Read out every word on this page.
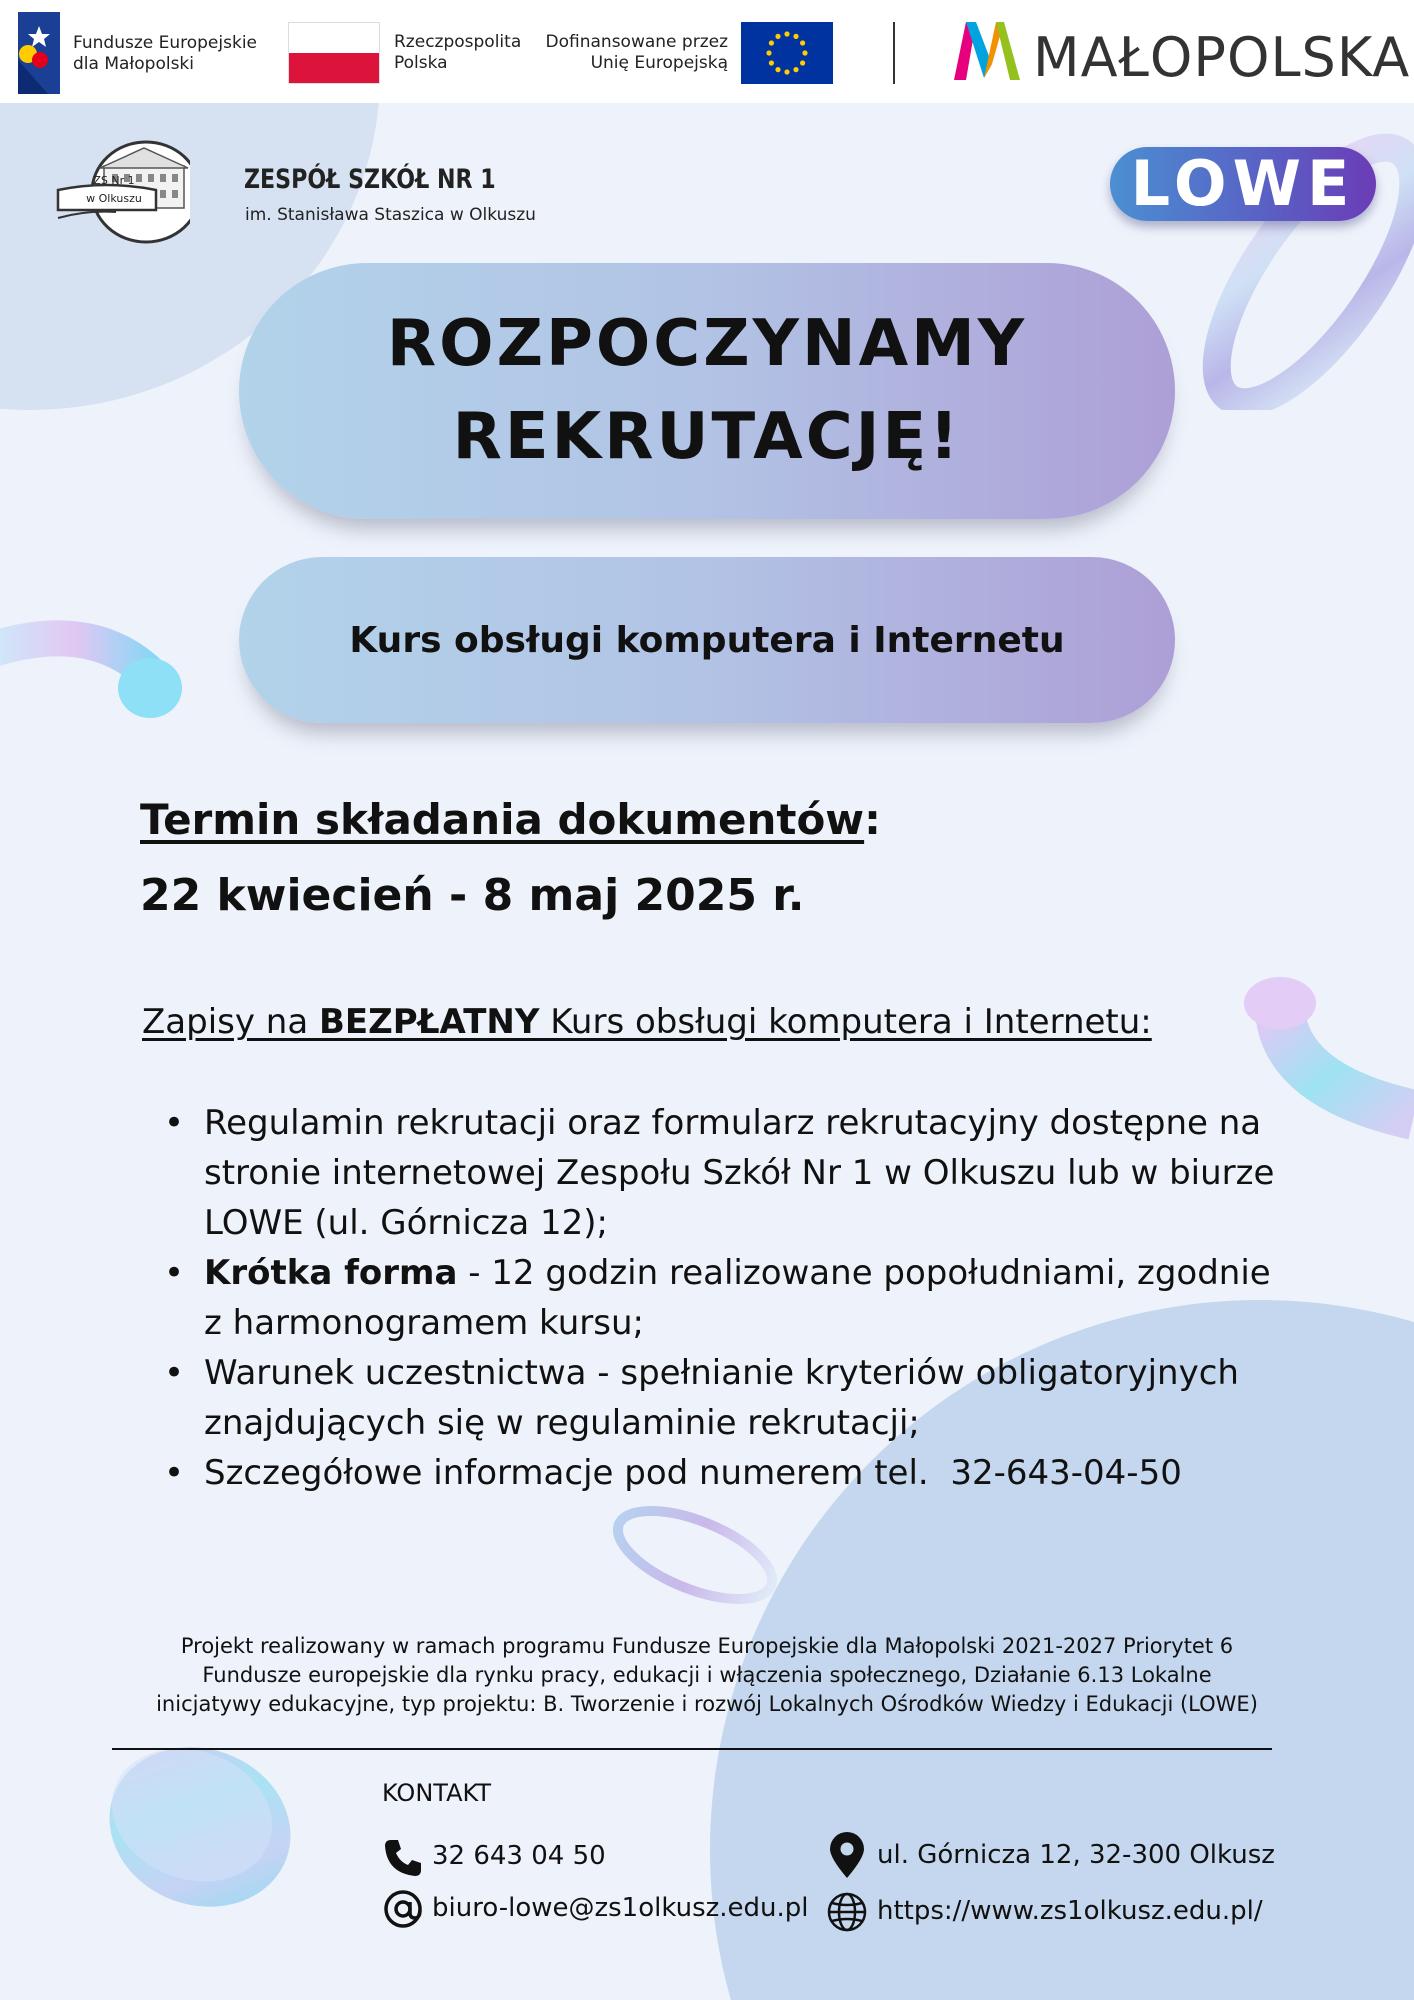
Fundusze Europejskie
dla Małopolski
Rzeczpospolita
Polska
Dofinansowane przez
Unię Europejską	MAŁOPOLSKA
ZS Nr 1
w Olkuszu
ZESPÓŁ SZKÓŁ NR 1
im. Stanisława Staszica w Olkuszu	LOWE
ROZPOCZYNAMY
REKRUTACJĘ!
Kurs obsługi komputera i Internetu
Termin składania dokumentów:
22 kwiecień - 8 maj 2025 r.
Zapisy na BEZPŁATNY Kurs obsługi komputera i Internetu:
• Regulamin rekrutacji oraz formularz rekrutacyjny dostępne na stronie internetowej Zespołu Szkół Nr 1 w Olkuszu lub w biurze LOWE (ul. Górnicza 12);
• Krótka forma - 12 godzin realizowane popołudniami, zgodnie z harmonogramem kursu;
• Warunek uczestnictwa - spełnianie kryteriów obligatoryjnych znajdujących się w regulaminie rekrutacji;
• Szczegółowe informacje pod numerem tel.  32-643-04-50
Projekt realizowany w ramach programu Fundusze Europejskie dla Małopolski 2021-2027 Priorytet 6 Fundusze europejskie dla rynku pracy, edukacji i włączenia społecznego, Działanie 6.13 Lokalne inicjatywy edukacyjne, typ projektu: B. Tworzenie i rozwój Lokalnych Ośrodków Wiedzy i Edukacji (LOWE)
KONTAKT
32 643 04 50
biuro-lowe@zs1olkusz.edu.pl
ul. Górnicza 12, 32-300 Olkusz
https://www.zs1olkusz.edu.pl/
